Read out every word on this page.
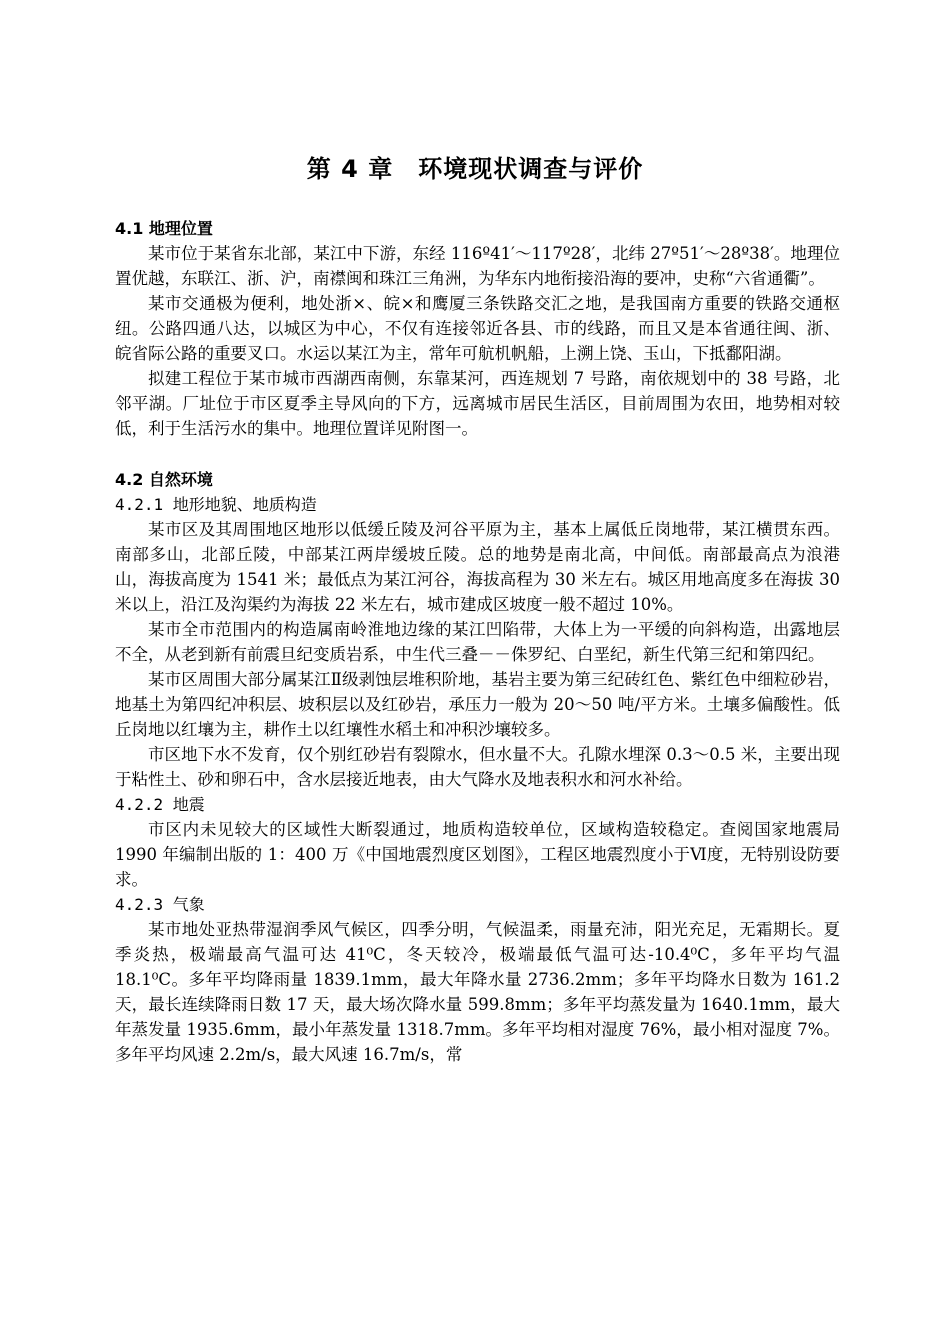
第 4 章　环境现状调查与评价

4.1 地理位置

某市位于某省东北部，某江中下游，东经 116º41′～117º28′，北纬 27º51′～28º38′。地理位置优越，东联江、浙、沪，南襟闽和珠江三角洲，为华东内地衔接沿海的要冲，史称“六省通衢”。

某市交通极为便利，地处浙×、皖×和鹰厦三条铁路交汇之地，是我国南方重要的铁路交通枢纽。公路四通八达，以城区为中心，不仅有连接邻近各县、市的线路，而且又是本省通往闽、浙、皖省际公路的重要叉口。水运以某江为主，常年可航机帆船，上溯上饶、玉山，下抵鄱阳湖。

拟建工程位于某市城市西湖西南侧，东靠某河，西连规划 7 号路，南依规划中的 38 号路，北邻平湖。厂址位于市区夏季主导风向的下方，远离城市居民生活区，目前周围为农田，地势相对较低，利于生活污水的集中。地理位置详见附图一。

4.2 自然环境

4.2.1 地形地貌、地质构造

某市区及其周围地区地形以低缓丘陵及河谷平原为主，基本上属低丘岗地带，某江横贯东西。南部多山，北部丘陵，中部某江两岸缓坡丘陵。总的地势是南北高，中间低。南部最高点为浪港山，海拔高度为 1541 米；最低点为某江河谷，海拔高程为 30 米左右。城区用地高度多在海拔 30 米以上，沿江及沟渠约为海拔 22 米左右，城市建成区坡度一般不超过 10%。

某市全市范围内的构造属南岭淮地边缘的某江凹陷带，大体上为一平缓的向斜构造，出露地层不全，从老到新有前震旦纪变质岩系，中生代三叠－－侏罗纪、白垩纪，新生代第三纪和第四纪。

某市区周围大部分属某江Ⅱ级剥蚀层堆积阶地，基岩主要为第三纪砖红色、紫红色中细粒砂岩，地基土为第四纪冲积层、坡积层以及红砂岩，承压力一般为 20～50 吨/平方米。土壤多偏酸性。低丘岗地以红壤为主，耕作土以红壤性水稻土和冲积沙壤较多。

市区地下水不发育，仅个别红砂岩有裂隙水，但水量不大。孔隙水埋深 0.3～0.5 米，主要出现于粘性土、砂和卵石中，含水层接近地表，由大气降水及地表积水和河水补给。

4.2.2 地震

市区内未见较大的区域性大断裂通过，地质构造较单位，区域构造较稳定。查阅国家地震局 1990 年编制出版的 1：400 万《中国地震烈度区划图》，工程区地震烈度小于Ⅵ度，无特别设防要求。

4.2.3 气象

某市地处亚热带湿润季风气候区，四季分明，气候温柔，雨量充沛，阳光充足，无霜期长。夏季炎热，极端最高气温可达 41⁰C，冬天较冷，极端最低气温可达-10.4⁰C，多年平均气温 18.1⁰C。多年平均降雨量 1839.1mm，最大年降水量 2736.2mm；多年平均降水日数为 161.2 天，最长连续降雨日数 17 天，最大场次降水量 599.8mm；多年平均蒸发量为 1640.1mm，最大年蒸发量 1935.6mm，最小年蒸发量 1318.7mm。多年平均相对湿度 76%，最小相对湿度 7%。多年平均风速 2.2m/s，最大风速 16.7m/s，常
